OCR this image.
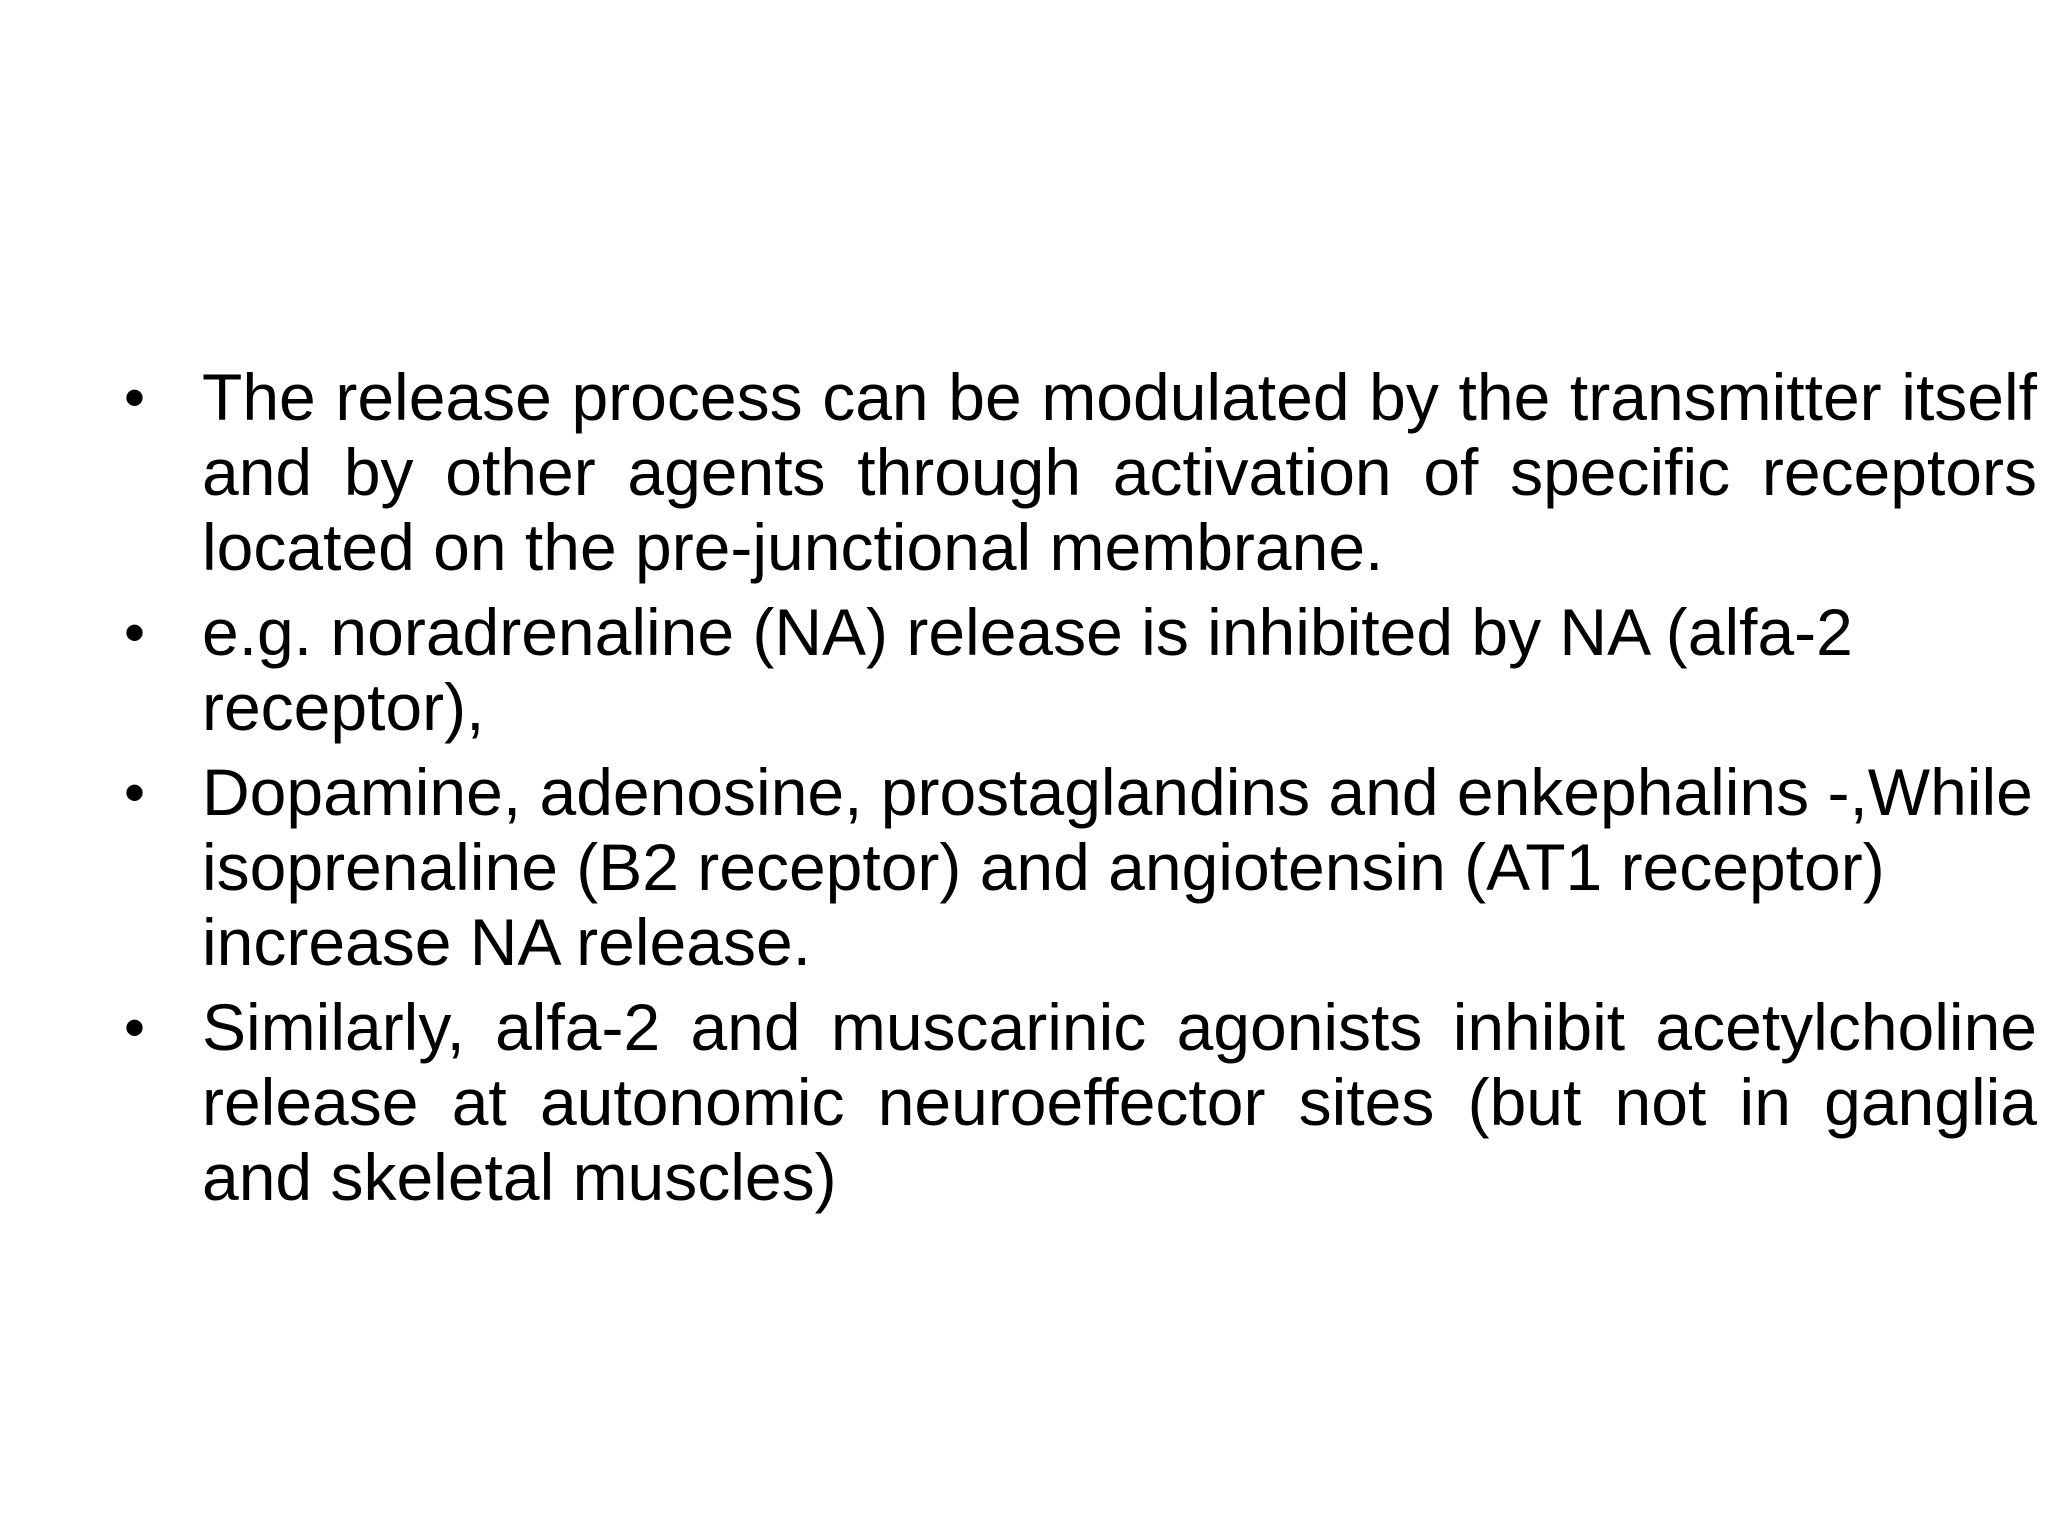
• The release process can be modulated by the transmitter itself and by other agents through activation of specific receptors located on the pre-junctional membrane.
• e.g. noradrenaline (NA) release is inhibited by NA (alfa-2 receptor),
• Dopamine, adenosine, prostaglandins and enkephalins -,While isoprenaline (B2 receptor) and angiotensin (AT1 receptor) increase NA release.
• Similarly, alfa-2 and muscarinic agonists inhibit acetylcholine release at autonomic neuroeffector sites (but not in ganglia and skeletal muscles)
